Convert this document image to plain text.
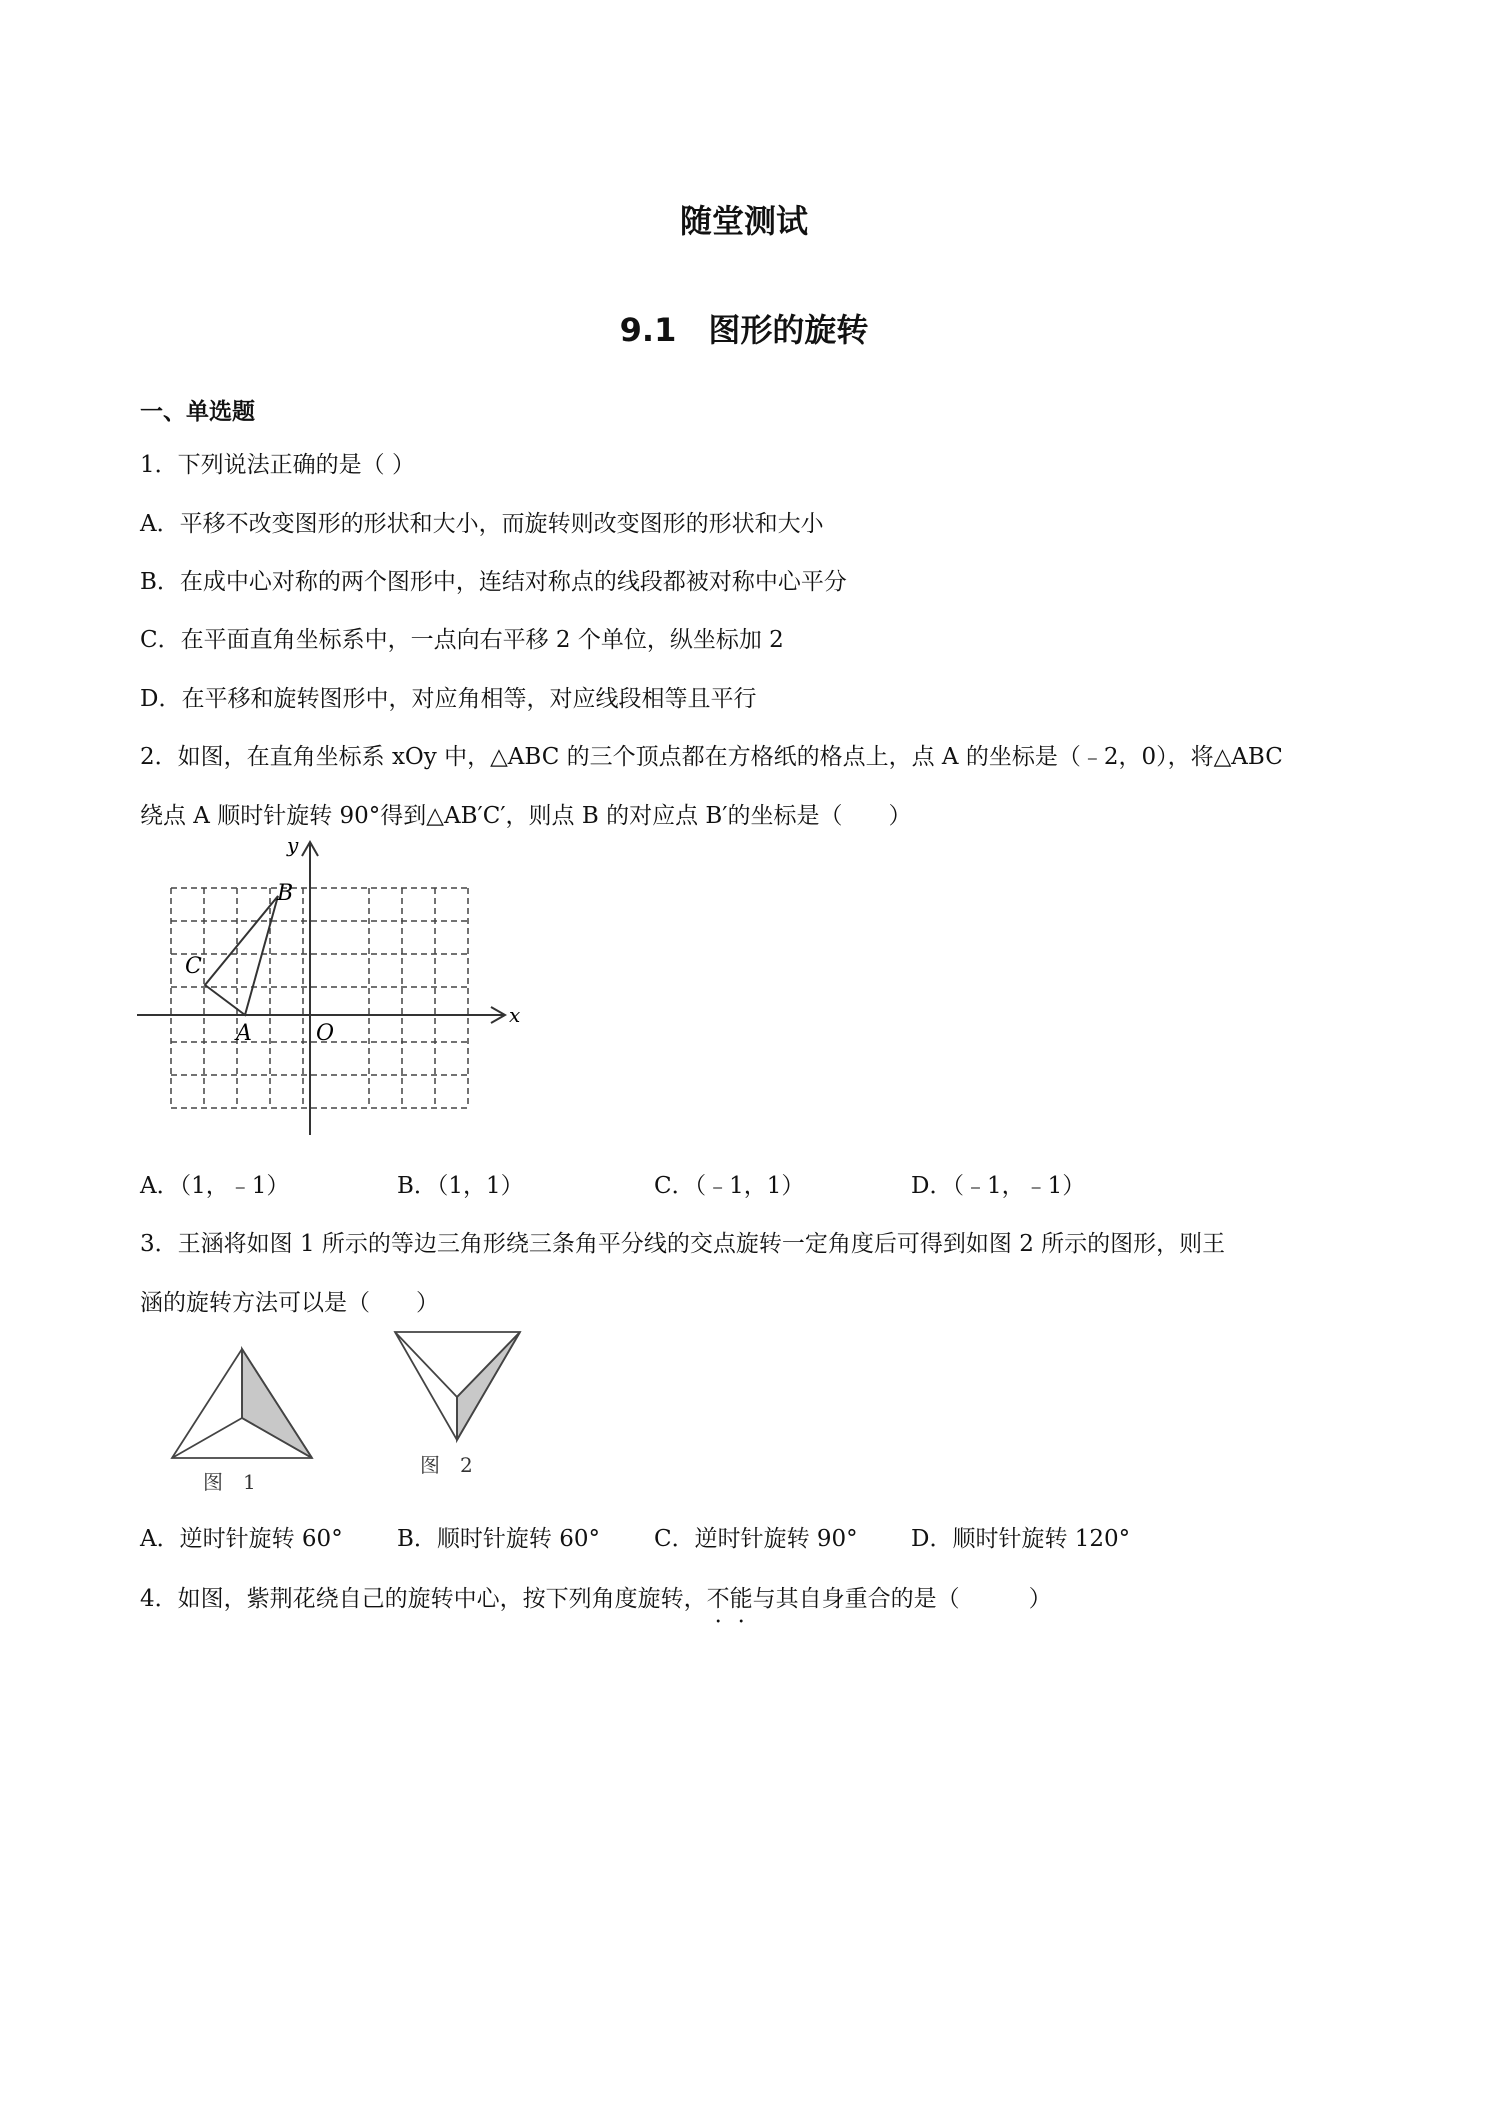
随堂测试
9.1　图形的旋转
一、单选题
1．下列说法正确的是（ ）
A．平移不改变图形的形状和大小，而旋转则改变图形的形状和大小
B．在成中心对称的两个图形中，连结对称点的线段都被对称中心平分
C．在平面直角坐标系中，一点向右平移 2 个单位，纵坐标加 2
D．在平移和旋转图形中，对应角相等，对应线段相等且平行
2．如图，在直角坐标系 xOy 中，△ABC 的三个顶点都在方格纸的格点上，点 A 的坐标是（﹣2，0），将△ABC
绕点 A 顺时针旋转 90°得到△AB′C′，则点 B 的对应点 B′的坐标是（　　）
y
x
B
C
A	O
A．（1，﹣1）	B．（1，1）	C．（﹣1，1）	D．（﹣1，﹣1）
3．王涵将如图 1 所示的等边三角形绕三条角平分线的交点旋转一定角度后可得到如图 2 所示的图形，则王
涵的旋转方法可以是（　　）
图　1
图　2
A．逆时针旋转 60° B．顺时针旋转 60° C．逆时针旋转 90° D．顺时针旋转 120°
4．如图，紫荆花绕自己的旋转中心，按下列角度旋转，不能与其自身重合的是（　　　）
